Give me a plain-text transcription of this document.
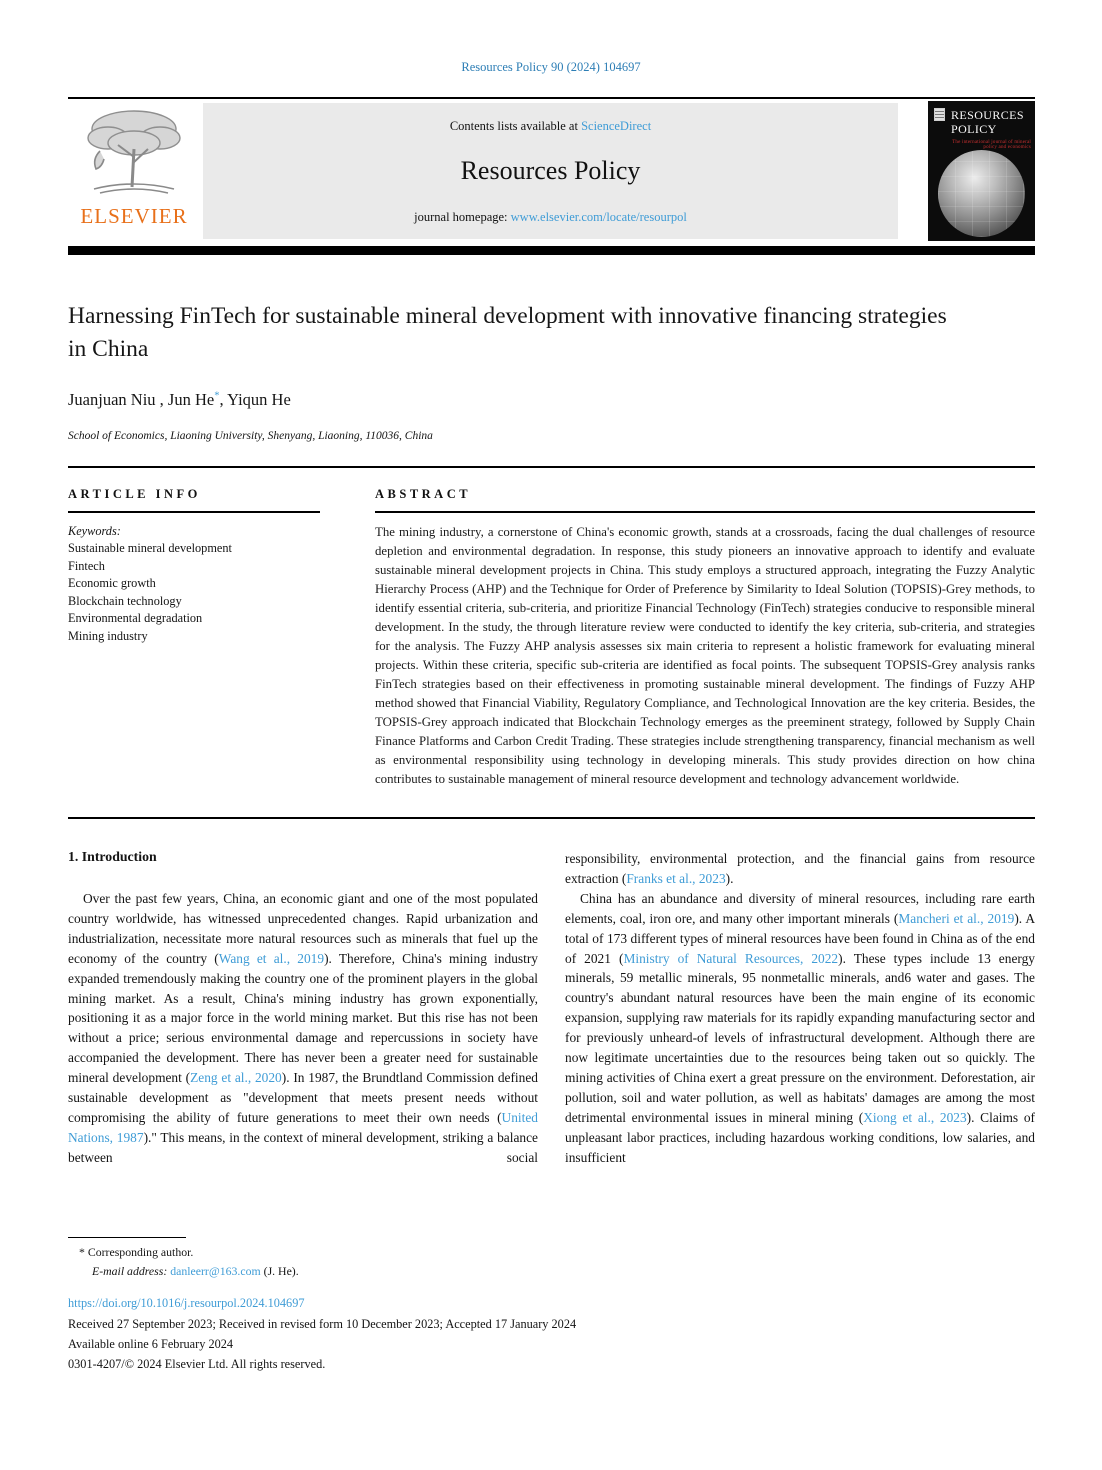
Resources Policy 90 (2024) 104697
ELSEVIER
Contents lists available at ScienceDirect
Resources Policy
journal homepage: www.elsevier.com/locate/resourpol
RESOURCES POLICY
The international journal of mineral policy and economics
Harnessing FinTech for sustainable mineral development with innovative financing strategies in China
Juanjuan Niu , Jun He*, Yiqun He
School of Economics, Liaoning University, Shenyang, Liaoning, 110036, China
ARTICLE INFO
Keywords:
Sustainable mineral development
Fintech
Economic growth
Blockchain technology
Environmental degradation
Mining industry
ABSTRACT

The mining industry, a cornerstone of China's economic growth, stands at a crossroads, facing the dual challenges of resource depletion and environmental degradation. In response, this study pioneers an innovative approach to identify and evaluate sustainable mineral development projects in China. This study employs a structured approach, integrating the Fuzzy Analytic Hierarchy Process (AHP) and the Technique for Order of Preference by Similarity to Ideal Solution (TOPSIS)-Grey methods, to identify essential criteria, sub-criteria, and prioritize Financial Technology (FinTech) strategies conducive to responsible mineral development. In the study, the through literature review were conducted to identify the key criteria, sub-criteria, and strategies for the analysis. The Fuzzy AHP analysis assesses six main criteria to represent a holistic framework for evaluating mineral projects. Within these criteria, specific sub-criteria are identified as focal points. The subsequent TOPSIS-Grey analysis ranks FinTech strategies based on their effectiveness in promoting sustainable mineral development. The findings of Fuzzy AHP method showed that Financial Viability, Regulatory Compliance, and Technological Innovation are the key criteria. Besides, the TOPSIS-Grey approach indicated that Blockchain Technology emerges as the preeminent strategy, followed by Supply Chain Finance Platforms and Carbon Credit Trading. These strategies include strengthening transparency, financial mechanism as well as environmental responsibility using technology in developing minerals. This study provides direction on how china contributes to sustainable management of mineral resource development and technology advancement worldwide.

1. Introduction

Over the past few years, China, an economic giant and one of the most populated country worldwide, has witnessed unprecedented changes. Rapid urbanization and industrialization, necessitate more natural resources such as minerals that fuel up the economy of the country (Wang et al., 2019). Therefore, China's mining industry expanded tremendously making the country one of the prominent players in the global mining market. As a result, China's mining industry has grown exponentially, positioning it as a major force in the world mining market. But this rise has not been without a price; serious environmental damage and repercussions in society have accompanied the development. There has never been a greater need for sustainable mineral development (Zeng et al., 2020). In 1987, the Brundtland Commission defined sustainable development as "development that meets present needs without compromising the ability of future generations to meet their own needs (United Nations, 1987)." This means, in the context of mineral development, striking a balance between social

responsibility, environmental protection, and the financial gains from resource extraction (Franks et al., 2023).

China has an abundance and diversity of mineral resources, including rare earth elements, coal, iron ore, and many other important minerals (Mancheri et al., 2019). A total of 173 different types of mineral resources have been found in China as of the end of 2021 (Ministry of Natural Resources, 2022). These types include 13 energy minerals, 59 metallic minerals, 95 nonmetallic minerals, and6 water and gases. The country's abundant natural resources have been the main engine of its economic expansion, supplying raw materials for its rapidly expanding manufacturing sector and for previously unheard-of levels of infrastructural development. Although there are now legitimate uncertainties due to the resources being taken out so quickly. The mining activities of China exert a great pressure on the environment. Deforestation, air pollution, soil and water pollution, as well as habitats' damages are among the most detrimental environmental issues in mineral mining (Xiong et al., 2023). Claims of unpleasant labor practices, including hazardous working conditions, low salaries, and insufficient

* Corresponding author.
E-mail address: danleerr@163.com (J. He).
https://doi.org/10.1016/j.resourpol.2024.104697
Received 27 September 2023; Received in revised form 10 December 2023; Accepted 17 January 2024
Available online 6 February 2024
0301-4207/© 2024 Elsevier Ltd. All rights reserved.
